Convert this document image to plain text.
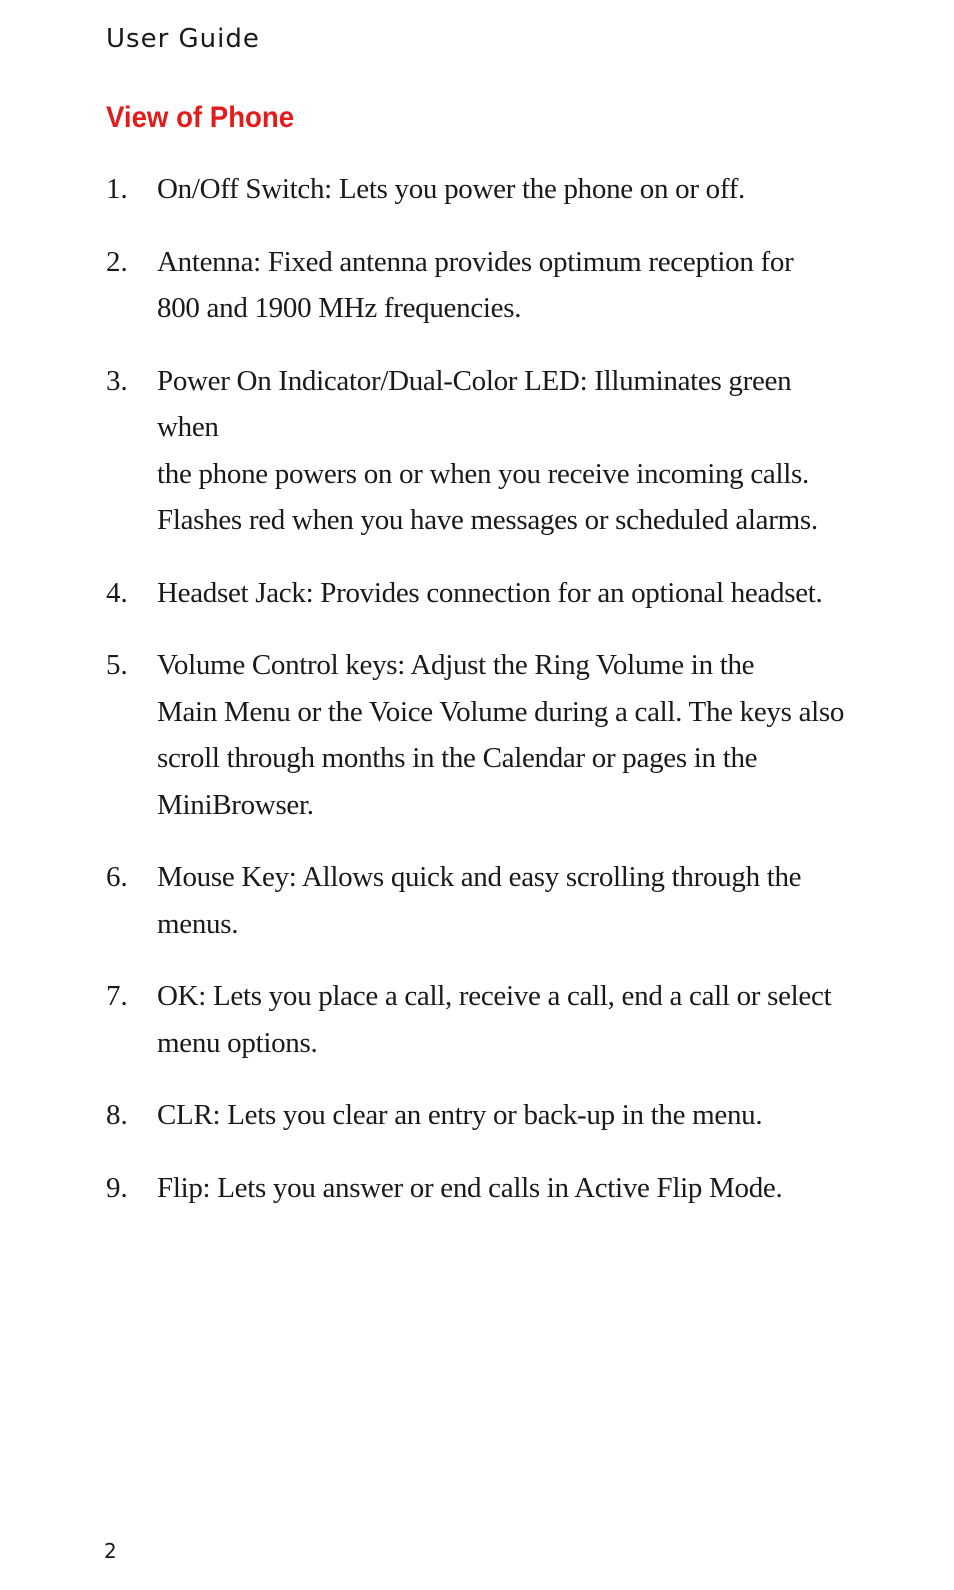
User Guide

View of Phone
1.	On/Off Switch: Lets you power the phone on or off.
2.	Antenna: Fixed antenna provides optimum reception for
800 and 1900 MHz frequencies.
3.	Power On Indicator/Dual-Color LED: Illuminates green when
the phone powers on or when you receive incoming calls.
Flashes red when you have messages or scheduled alarms.
4.	Headset Jack: Provides connection for an optional headset.
5.	Volume Control keys: Adjust the Ring Volume in the
Main Menu or the Voice Volume during a call. The keys also
scroll through months in the Calendar or pages in the
MiniBrowser.
6.	Mouse Key: Allows quick and easy scrolling through the
menus.
7.	OK: Lets you place a call, receive a call, end a call or select
menu options.
8.	CLR: Lets you clear an entry or back-up in the menu.
9.	Flip: Lets you answer or end calls in Active Flip Mode.

2
